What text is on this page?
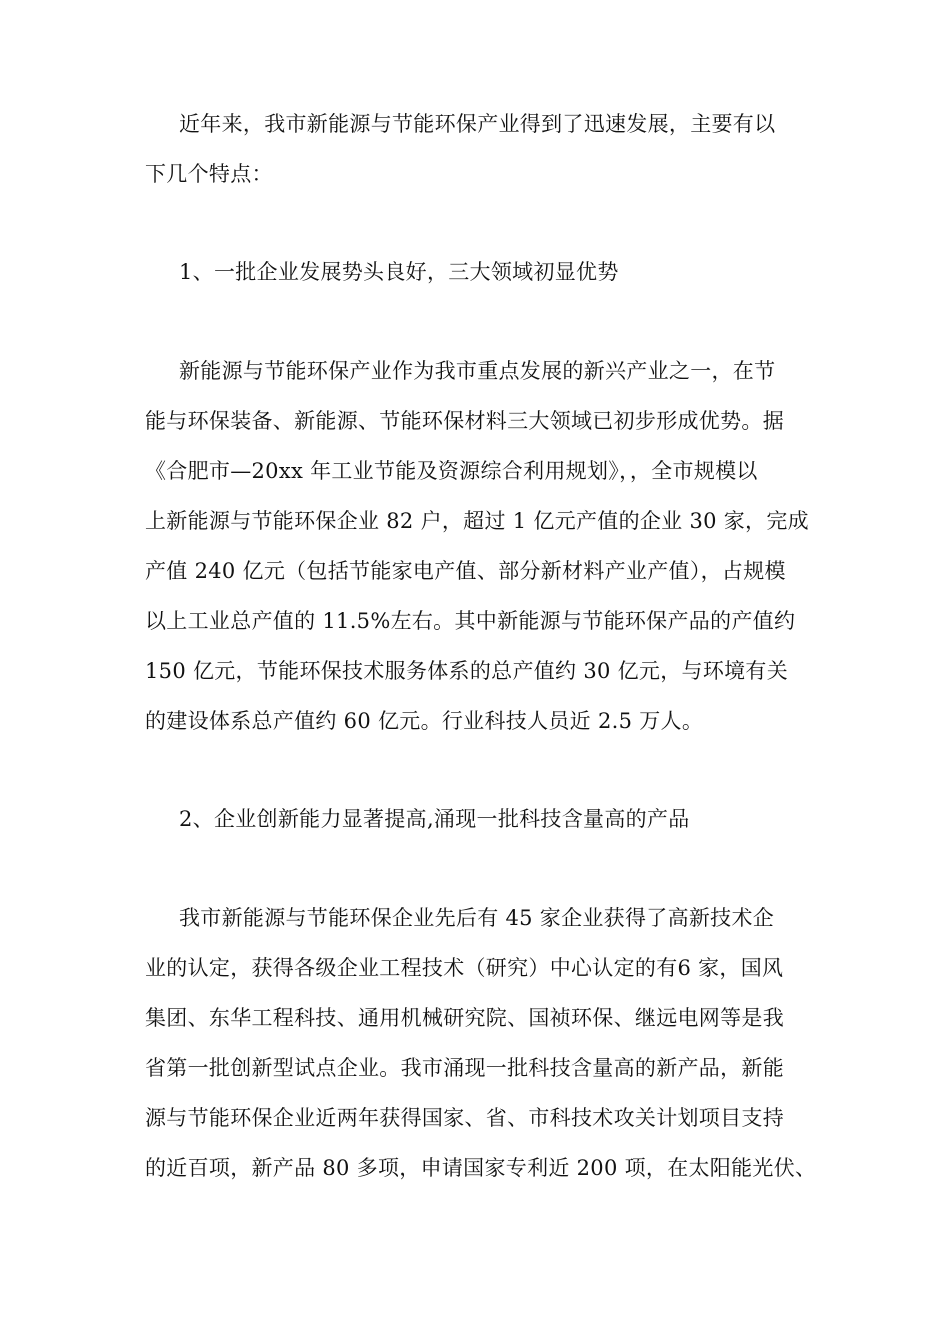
近年来，我市新能源与节能环保产业得到了迅速发展，主要有以
下几个特点：
1、一批企业发展势头良好，三大领域初显优势
新能源与节能环保产业作为我市重点发展的新兴产业之一，在节
能与环保装备、新能源、节能环保材料三大领域已初步形成优势。据
《合肥市—20xx 年工业节能及资源综合利用规划》，，全市规模以
上新能源与节能环保企业 82 户，超过 1 亿元产值的企业 30 家，完成
产值 240 亿元（包括节能家电产值、部分新材料产业产值），占规模
以上工业总产值的 11.5%左右。其中新能源与节能环保产品的产值约
150 亿元，节能环保技术服务体系的总产值约 30 亿元，与环境有关
的建设体系总产值约 60 亿元。行业科技人员近 2.5 万人。
2、企业创新能力显著提高,涌现一批科技含量高的产品
我市新能源与节能环保企业先后有 45 家企业获得了高新技术企
业的认定，获得各级企业工程技术（研究）中心认定的有6 家，国风
集团、东华工程科技、通用机械研究院、国祯环保、继远电网等是我
省第一批创新型试点企业。我市涌现一批科技含量高的新产品，新能
源与节能环保企业近两年获得国家、省、市科技术攻关计划项目支持
的近百项，新产品 80 多项，申请国家专利近 200 项，在太阳能光伏、
